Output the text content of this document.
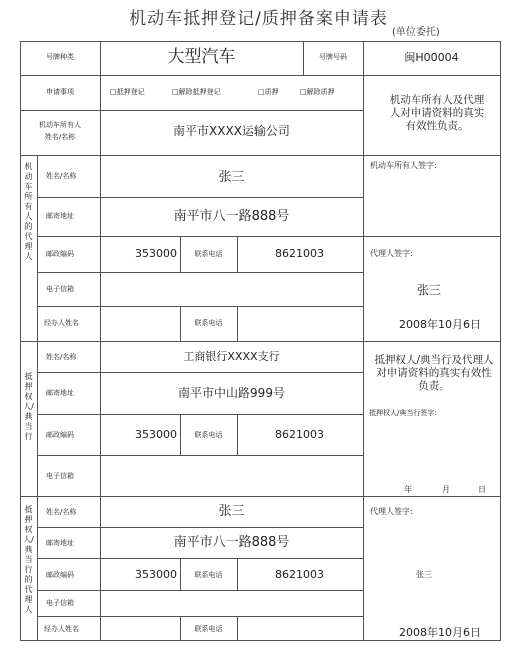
机动车抵押登记/质押备案申请表
(单位委托)
号牌种类	大型汽车	号牌号码	闽H00004
申请事项	□抵押登记	□解除抵押登记	□质押	□解除质押
机动车所有人
姓名/名称	南平市XXXX运输公司
机动车所有人及代理人对申请资料的真实有效性负责。
机动车所有人的代理人
姓名/名称	张三
邮寄地址	南平市八一路888号
邮政编码	353000	联系电话	8621003
电子信箱
经办人姓名	联系电话
机动车所有人签字:
代理人签字:
张三
2008年10月6日
抵押权人/典当行
姓名/名称	工商银行XXXX支行
邮寄地址	南平市中山路999号
邮政编码	353000	联系电话	8621003
电子信箱
抵押权人/典当行及代理人对申请资料的真实有效性负责。
抵押权人/典当行签字:
年	月	日
抵押权人/典当行的代理人
姓名/名称	张三
邮寄地址	南平市八一路888号
邮政编码	353000	联系电话	8621003
电子信箱
经办人姓名	联系电话
代理人签字:
张三
2008年10月6日
